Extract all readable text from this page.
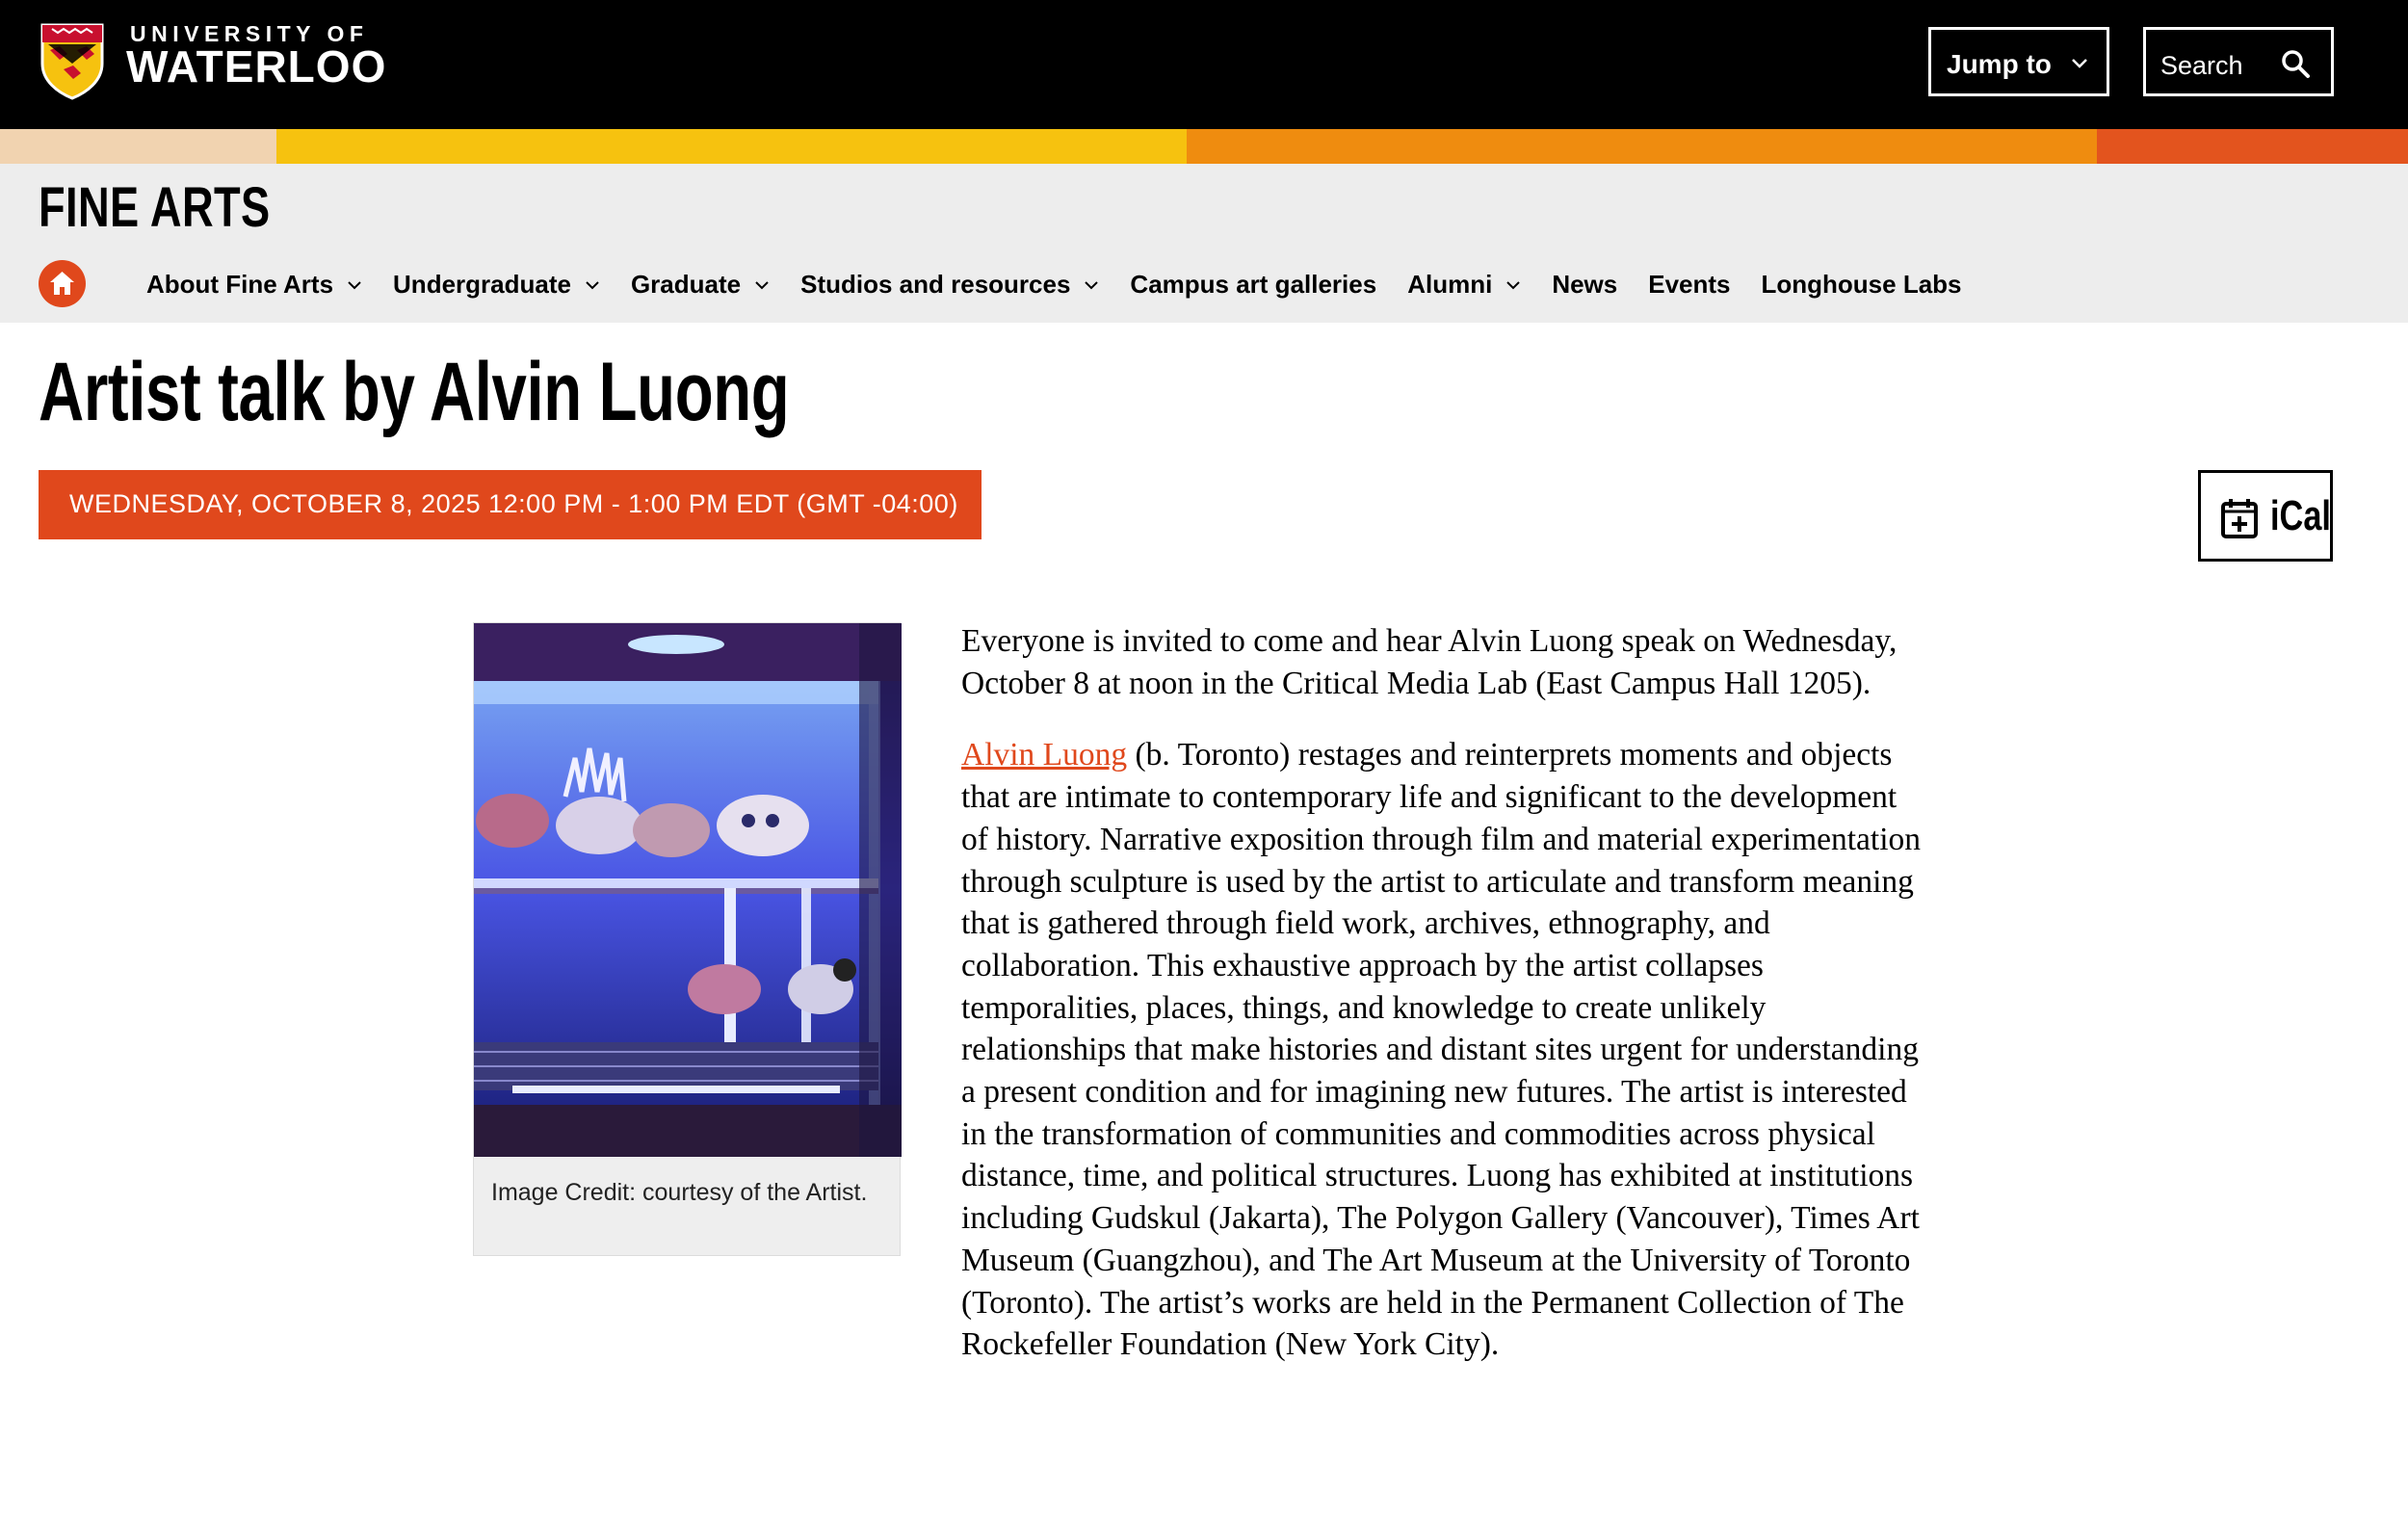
UNIVERSITY OF
WATERLOO	Jump to	Search
FINE ARTS
About Fine Arts Undergraduate Graduate Studios and resources Campus art galleries Alumni News Events Longhouse Labs
Artist talk by Alvin Luong
WEDNESDAY, OCTOBER 8, 2025 12:00 PM - 1:00 PM EDT (GMT -04:00)	iCal
Image Credit: courtesy of the Artist.

Everyone is invited to come and hear Alvin Luong speak on Wednesday, October 8 at noon in the Critical Media Lab (East Campus Hall 1205).

Alvin Luong (b. Toronto) restages and reinterprets moments and objects that are intimate to contemporary life and significant to the development of history. Narrative exposition through film and material experimentation through sculpture is used by the artist to articulate and transform meaning that is gathered through field work, archives, ethnography, and collaboration. This exhaustive approach by the artist collapses temporalities, places, things, and knowledge to create unlikely relationships that make histories and distant sites urgent for understanding a present condition and for imagining new futures. The artist is interested in the transformation of communities and commodities across physical distance, time, and political structures. Luong has exhibited at institutions including Gudskul (Jakarta), The Polygon Gallery (Vancouver), Times Art Museum (Guangzhou), and The Art Museum at the University of Toronto (Toronto). The artist’s works are held in the Permanent Collection of The Rockefeller Foundation (New York City).
